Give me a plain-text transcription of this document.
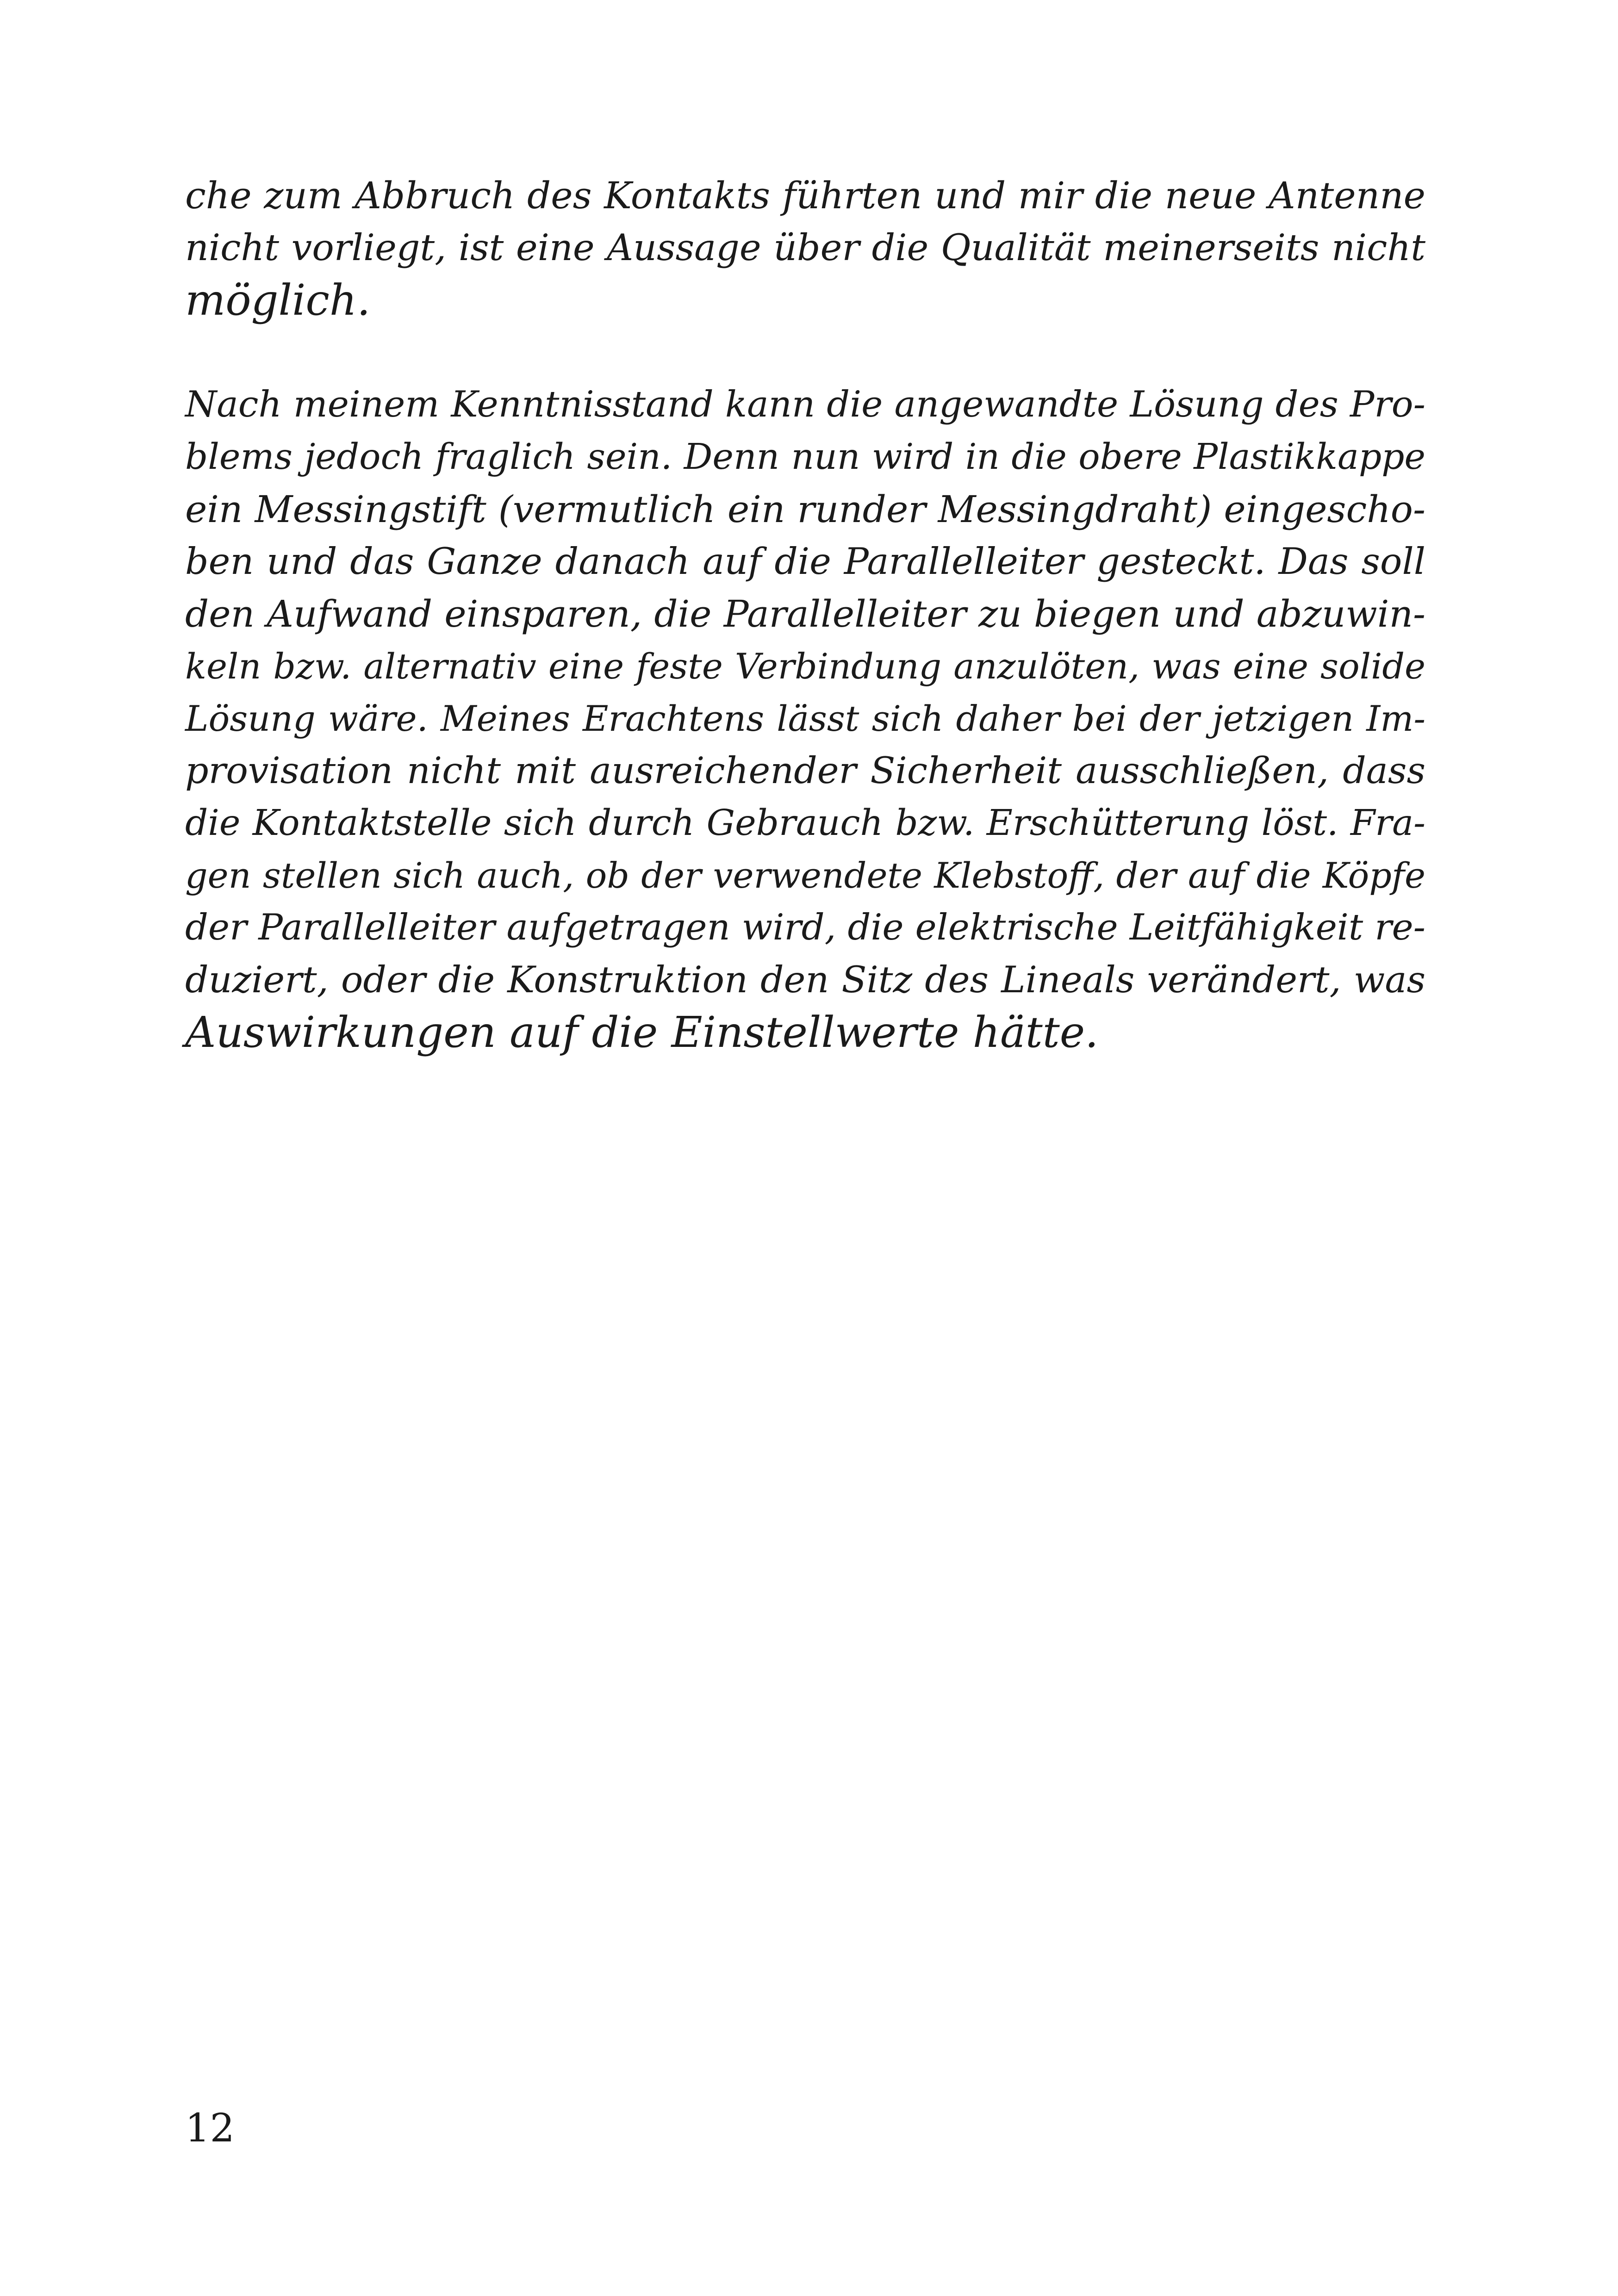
che zum Abbruch des Kontakts führten und mir die neue Antenne
nicht vorliegt, ist eine Aussage über die Qualität meinerseits nicht
möglich.
Nach meinem Kenntnisstand kann die angewandte Lösung des Pro-
blems jedoch fraglich sein. Denn nun wird in die obere Plastikkappe
ein Messingstift (vermutlich ein runder Messingdraht) eingescho-
ben und das Ganze danach auf die Parallelleiter gesteckt. Das soll
den Aufwand einsparen, die Parallelleiter zu biegen und abzuwin-
keln bzw. alternativ eine feste Verbindung anzulöten, was eine solide
Lösung wäre. Meines Erachtens lässt sich daher bei der jetzigen Im-
provisation nicht mit ausreichender Sicherheit ausschließen, dass
die Kontaktstelle sich durch Gebrauch bzw. Erschütterung löst. Fra-
gen stellen sich auch, ob der verwendete Klebstoff, der auf die Köpfe
der Parallelleiter aufgetragen wird, die elektrische Leitfähigkeit re-
duziert, oder die Konstruktion den Sitz des Lineals verändert, was
Auswirkungen auf die Einstellwerte hätte.
12
